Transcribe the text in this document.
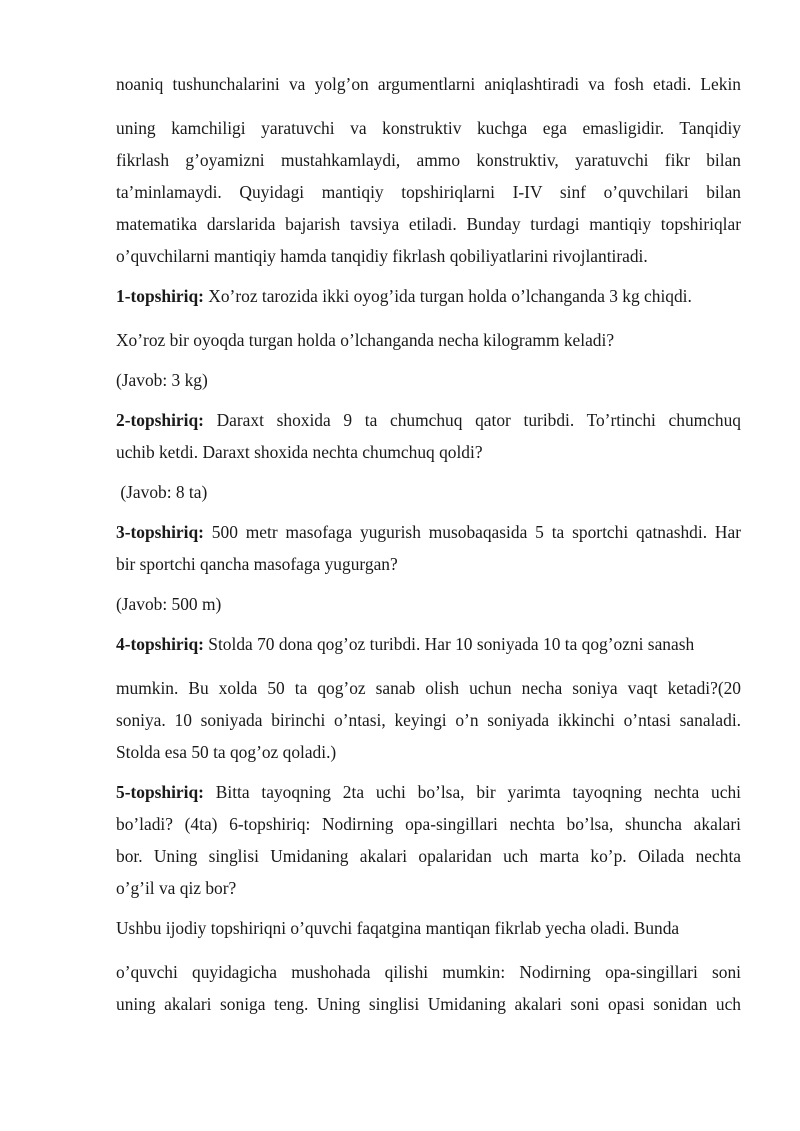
noaniq tushunchalarini va yolg’on argumentlarni aniqlashtiradi va fosh etadi. Lekin
uning kamchiligi yaratuvchi va konstruktiv kuchga ega emasligidir. Tanqidiy
fikrlash g’oyamizni mustahkamlaydi, ammo konstruktiv, yaratuvchi fikr bilan
ta’minlamaydi. Quyidagi mantiqiy topshiriqlarni I-IV sinf o’quvchilari bilan
matematika darslarida bajarish tavsiya etiladi. Bunday turdagi mantiqiy topshiriqlar
o’quvchilarni mantiqiy hamda tanqidiy fikrlash qobiliyatlarini rivojlantiradi.

1-topshiriq: Xo’roz tarozida ikki oyog’ida turgan holda o’lchanganda 3 kg chiqdi.
Xo’roz bir oyoqda turgan holda o’lchanganda necha kilogramm keladi?

(Javob: 3 kg)

2-topshiriq: Daraxt shoxida 9 ta chumchuq qator turibdi. To’rtinchi chumchuq
uchib ketdi. Daraxt shoxida nechta chumchuq qoldi?

(Javob: 8 ta)

3-topshiriq: 500 metr masofaga yugurish musobaqasida 5 ta sportchi qatnashdi. Har
bir sportchi qancha masofaga yugurgan?

(Javob: 500 m)

4-topshiriq: Stolda 70 dona qog’oz turibdi. Har 10 soniyada 10 ta qog’ozni sanash
mumkin. Bu xolda 50 ta qog’oz sanab olish uchun necha soniya vaqt ketadi?(20
soniya. 10 soniyada birinchi o’ntasi, keyingi o’n soniyada ikkinchi o’ntasi sanaladi.
Stolda esa 50 ta qog’oz qoladi.)

5-topshiriq: Bitta tayoqning 2ta uchi bo’lsa, bir yarimta tayoqning nechta uchi
bo’ladi? (4ta) 6-topshiriq: Nodirning opa-singillari nechta bo’lsa, shuncha akalari
bor. Uning singlisi Umidaning akalari opalaridan uch marta ko’p. Oilada nechta
o’g’il va qiz bor?

Ushbu ijodiy topshiriqni o’quvchi faqatgina mantiqan fikrlab yecha oladi. Bunda
o’quvchi quyidagicha mushohada qilishi mumkin: Nodirning opa-singillari soni
uning akalari soniga teng. Uning singlisi Umidaning akalari soni opasi sonidan uch
